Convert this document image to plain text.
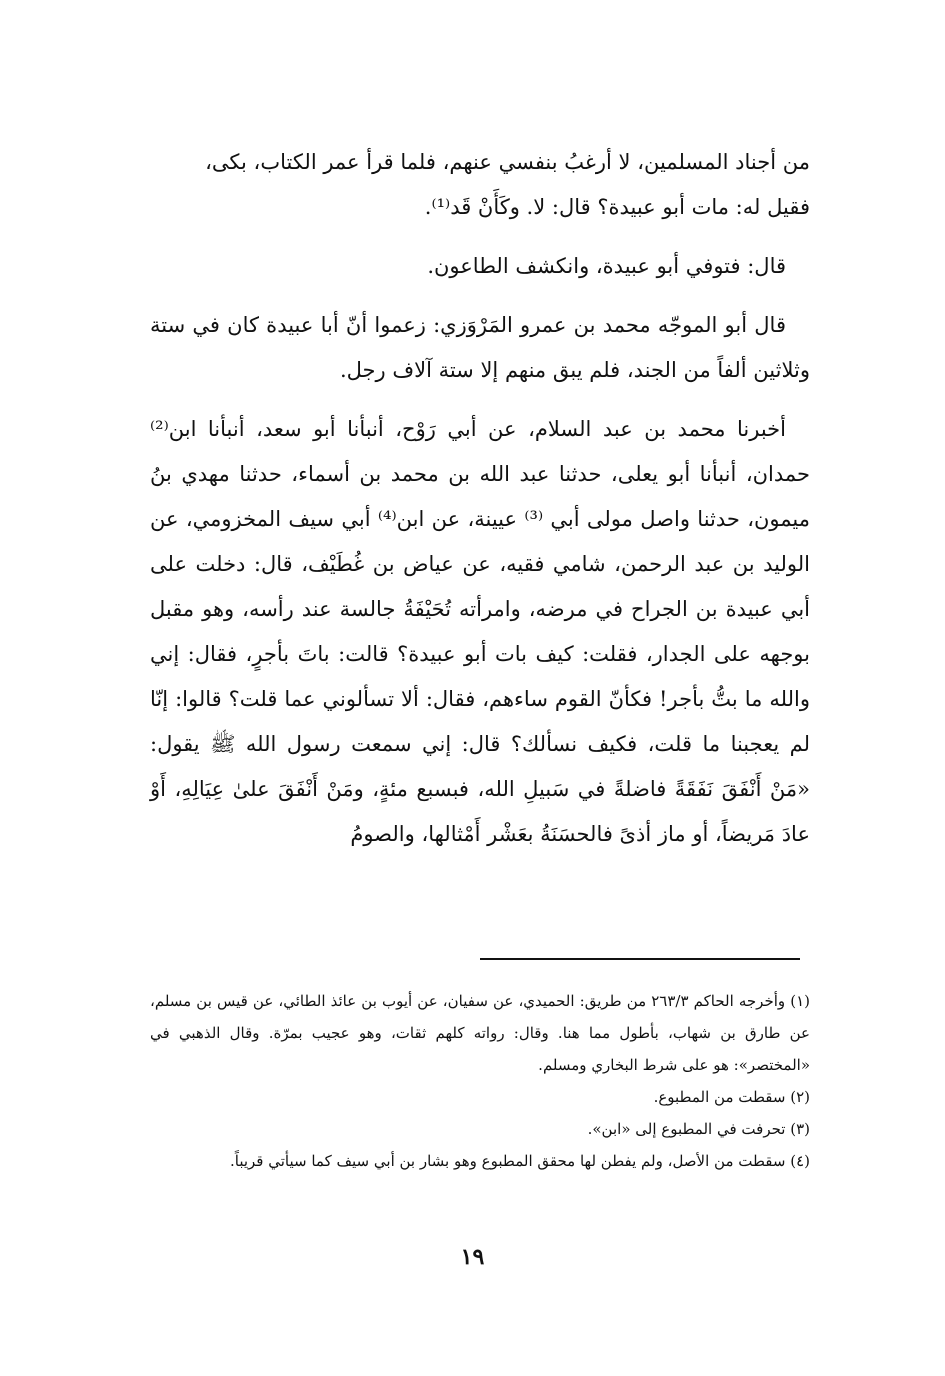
من أجناد المسلمين، لا أرغبُ بنفسي عنهم، فلما قرأ عمر الكتاب، بكى،

فقيل له: مات أبو عبيدة؟ قال: لا. وكَأَنْ قَد⁽¹⁾.

قال: فتوفي أبو عبيدة، وانكشف الطاعون.

قال أبو الموجّه محمد بن عمرو المَرْوَزي: زعموا أنّ أبا عبيدة كان في ستة وثلاثين ألفاً من الجند، فلم يبق منهم إلا ستة آلاف رجل.

أخبرنا محمد بن عبد السلام، عن أبي رَوْح، أنبأنا أبو سعد، أنبأنا ابن⁽²⁾ حمدان، أنبأنا أبو يعلى، حدثنا عبد الله بن محمد بن أسماء، حدثنا مهدي بنُ ميمون، حدثنا واصل مولى أبي ⁽³⁾ عيينة، عن ابن⁽⁴⁾ أبي سيف المخزومي، عن الوليد بن عبد الرحمن، شامي فقيه، عن عياض بن غُطَيْف، قال: دخلت على أبي عبيدة بن الجراح في مرضه، وامرأته تُحَيْفَةُ جالسة عند رأسه، وهو مقبل بوجهه على الجدار، فقلت: كيف بات أبو عبيدة؟ قالت: باتَ بأجرٍ، فقال: إني والله ما بتُّ بأجر! فكأنّ القوم ساءهم، فقال: ألا تسألوني عما قلت؟ قالوا: إنّا لم يعجبنا ما قلت، فكيف نسألك؟ قال: إني سمعت رسول الله ﷺ يقول: «مَنْ أَنْفَقَ نَفَقَةً فاضلةً في سَبيلِ الله، فبسبع مئةٍ، ومَنْ أَنْفَقَ علىٰ عِيَالِهِ، أَوْ عادَ مَريضاً، أو ماز أذىً فالحسَنَةُ بعَشْر أَمْثالها، والصومُ

(١) وأخرجه الحاكم ٢٦٣/٣ من طريق: الحميدي، عن سفيان، عن أيوب بن عائذ الطائي، عن قيس بن مسلم، عن طارق بن شهاب، بأطول مما هنا. وقال: رواته كلهم ثقات، وهو عجيب بمرّة. وقال الذهبي في «المختصر»: هو على شرط البخاري ومسلم.

(٢) سقطت من المطبوع.

(٣) تحرفت في المطبوع إلى «ابن».

(٤) سقطت من الأصل، ولم يفطن لها محقق المطبوع وهو بشار بن أبي سيف كما سيأتي قريباً.

١٩
